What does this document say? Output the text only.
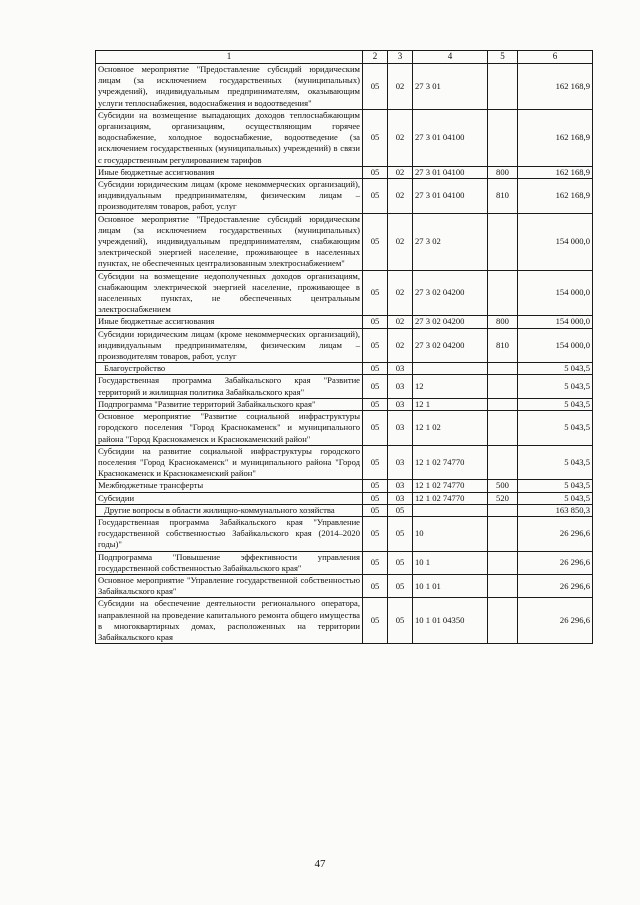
1	2	3	4	5	6
Основное мероприятие "Предоставление субсидий юридическим лицам (за исключением государственных (муниципальных) учреждений), индивидуальным предпринимателям, оказывающим услуги теплоснабжения, водоснабжения и водоотведения"	05	02	27 3 01		162 168,9
Субсидии на возмещение выпадающих доходов теплоснабжающим организациям, организациям, осуществляющим горячее водоснабжение, холодное водоснабжение, водоотведение (за исключением государственных (муниципальных) учреждений) в связи с государственным регулированием тарифов	05	02	27 3 01 04100		162 168,9
Иные бюджетные ассигнования	05	02	27 3 01 04100	800	162 168,9
Субсидии юридическим лицам (кроме некоммерческих организаций), индивидуальным предпринимателям, физическим лицам – производителям товаров, работ, услуг	05	02	27 3 01 04100	810	162 168,9
Основное мероприятие "Предоставление субсидий юридическим лицам (за исключением государственных (муниципальных) учреждений), индивидуальным предпринимателям, снабжающим электрической энергией население, проживающее в населенных пунктах, не обеспеченных централизованным электроснабжением"	05	02	27 3 02		154 000,0
Субсидии на возмещение недополученных доходов организациям, снабжающим электрической энергией население, проживающее в населенных пунктах, не обеспеченных центральным электроснабжением	05	02	27 3 02 04200		154 000,0
Иные бюджетные ассигнования	05	02	27 3 02 04200	800	154 000,0
Субсидии юридическим лицам (кроме некоммерческих организаций), индивидуальным предпринимателям, физическим лицам – производителям товаров, работ, услуг	05	02	27 3 02 04200	810	154 000,0
Благоустройство	05	03			5 043,5
Государственная программа Забайкальского края "Развитие территорий и жилищная политика Забайкальского края"	05	03	12		5 043,5
Подпрограмма "Развитие территорий Забайкальского края"	05	03	12 1		5 043,5
Основное мероприятие "Развитие социальной инфраструктуры городского поселения "Город Краснокаменск" и муниципального района "Город Краснокаменск и Краснокаменский район"	05	03	12 1 02		5 043,5
Субсидии на развитие социальной инфраструктуры городского поселения "Город Краснокаменск" и муниципального района "Город Краснокаменск и Краснокаменский район"	05	03	12 1 02 74770		5 043,5
Межбюджетные трансферты	05	03	12 1 02 74770	500	5 043,5
Субсидии	05	03	12 1 02 74770	520	5 043,5
Другие вопросы в области жилищно-коммунального хозяйства	05	05			163 850,3
Государственная программа Забайкальского края "Управление государственной собственностью Забайкальского края (2014–2020 годы)"	05	05	10		26 296,6
Подпрограмма "Повышение эффективности управления государственной собственностью Забайкальского края"	05	05	10 1		26 296,6
Основное мероприятие "Управление государственной собственностью Забайкальского края"	05	05	10 1 01		26 296,6
Субсидии на обеспечение деятельности регионального оператора, направленной на проведение капитального ремонта общего имущества в многоквартирных домах, расположенных на территории Забайкальского края	05	05	10 1 01 04350		26 296,6
47
